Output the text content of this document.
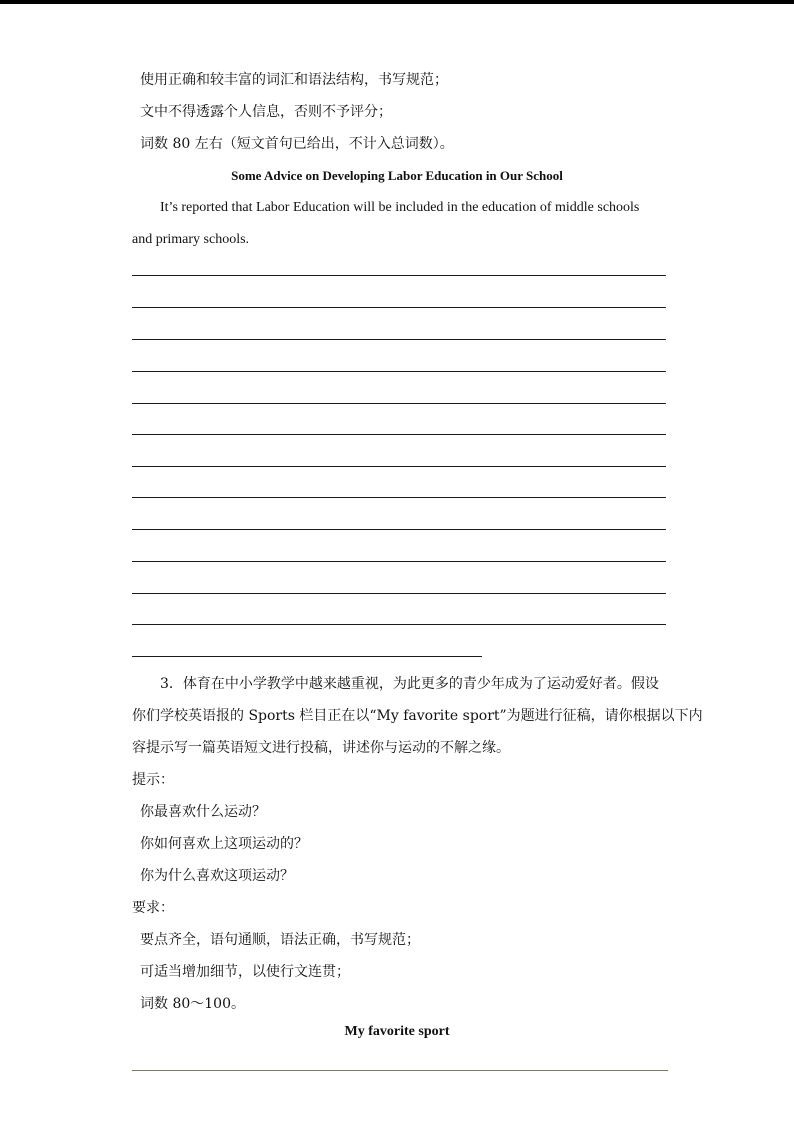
使用正确和较丰富的词汇和语法结构，书写规范；
文中不得透露个人信息，否则不予评分；
词数 80 左右（短文首句已给出，不计入总词数）。
Some Advice on Developing Labor Education in Our School
It’s reported that Labor Education will be included in the education of middle schools
and primary schools.
3．体育在中小学教学中越来越重视，为此更多的青少年成为了运动爱好者。假设
你们学校英语报的 Sports 栏目正在以“My favorite sport”为题进行征稿，请你根据以下内
容提示写一篇英语短文进行投稿，讲述你与运动的不解之缘。
提示：
你最喜欢什么运动？
你如何喜欢上这项运动的？
你为什么喜欢这项运动？
要求：
要点齐全，语句通顺，语法正确，书写规范；
可适当增加细节，以使行文连贯；
词数 80～100。
My favorite sport
